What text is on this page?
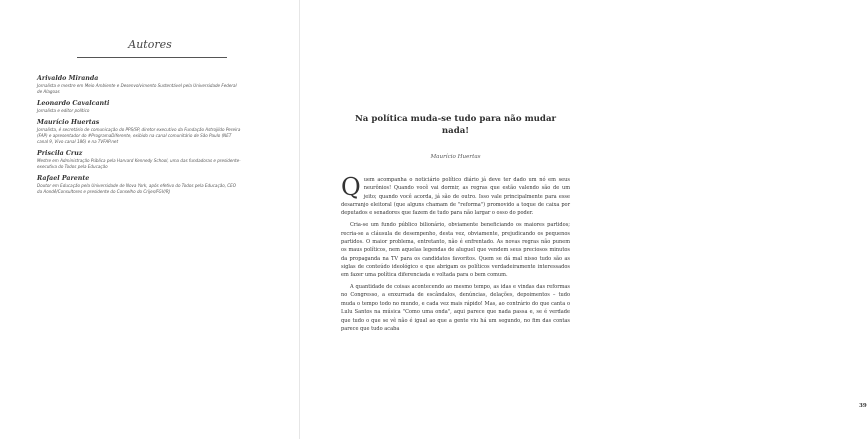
Autores
Arivaldo Miranda
Jornalista e mestre em Meio Ambiente e Desenvolvimento Sustentável pela Universidade Federal de Alagoas
Leonardo Cavalcanti
Jornalista e editor político
Maurício Huertas
Jornalista, é secretário de comunicação do PPS/SP, diretor executivo da Fundação Astrojildo Pereira (FAP) e apresentador do #ProgramaDiferente, exibido na canal comunitário de São Paulo (NET canal 9, Vivo canal 186) e na TVFAP.net
Priscila Cruz
Mestre em Administração Pública pela Harvard Kennedy School, uma das fundadoras e presidente-executiva do Todos pela Educação
Rafael Parente
Doutor em Educação pela Universidade de Nova York, após efetivo do Todos pela Educação, CEO da Aondê/Consultores e presidente do Conselho do Crijes/FGV/RJ
Na política muda-se tudo para não mudar nada!
Maurício Huertas

Quem acompanha o noticiário político diário já deve ter dado um nó em seus neurônios! Quando você vai dormir, as regras que estão valendo são de um jeito; quando você acorda, já são de outro. Isso vale principalmente para esse desarranjo eleitoral (que alguns chamam de "reforma") promovido a toque de caixa por deputados e senadores que fazem de tudo para não largar o osso do poder.

Cria-se um fundo público bilionário, obviamente beneficiando os maiores partidos; recria-se a cláusula de desempenho, desta vez, obviamente, prejudicando os pequenos partidos. O maior problema, entretanto, não é enfrentado. As novas regras não punem os maus políticos, nem aquelas legendas de aluguel que vendem seus preciosos minutos da propaganda na TV para os candidatos favoritos. Quem se dá mal nisso tudo são as siglas de conteúdo ideológico e que abrigam os políticos verdadeiramente interessados em fazer uma política diferenciada e voltada para o bem comum.

A quantidade de coisas acontecendo ao mesmo tempo, as idas e vindas das reformas no Congresso, a enxurrada de escândalos, denúncias, delações, depoimentos – tudo muda o tempo todo no mundo, e cada vez mais rápido! Mas, ao contrário do que canta o Lulu Santos na música "Como uma onda", aqui parece que nada passa e, se é verdade que tudo o que se vê não é igual ao que a gente viu há um segundo, no fim das contas parece que tudo acaba

39
